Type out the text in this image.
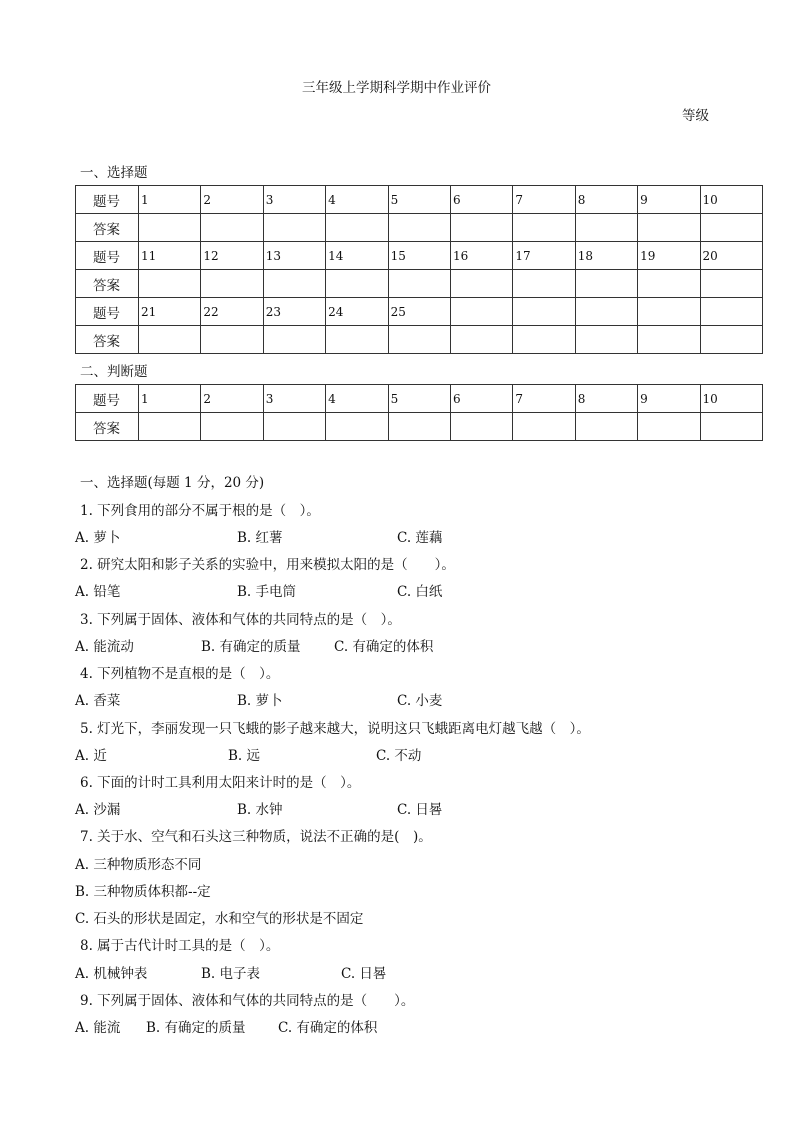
三年级上学期科学期中作业评价
等级
一、选择题
题号	1	2	3	4	5	6	7	8	9	10
答案										
题号	11	12	13	14	15	16	17	18	19	20
答案										
题号	21	22	23	24	25					
答案										
二、判断题
题号	1	2	3	4	5	6	7	8	9	10
答案										
一、选择题(每题 1 分，20 分)
1. 下列食用的部分不属于根的是（　）。
A. 萝卜	B. 红薯	C. 莲藕
2. 研究太阳和影子关系的实验中，用来模拟太阳的是（　　）。
A. 铅笔	B. 手电筒	C. 白纸
3. 下列属于固体、液体和气体的共同特点的是（　）。
A. 能流动	B. 有确定的质量 C. 有确定的体积
4. 下列植物不是直根的是（　）。
A. 香菜	B. 萝卜	C. 小麦
5. 灯光下，李丽发现一只飞蛾的影子越来越大，说明这只飞蛾距离电灯越飞越（　）。
A. 近	B. 远	C. 不动
6. 下面的计时工具利用太阳来计时的是（　）。
A. 沙漏	B. 水钟	C. 日晷
7. 关于水、空气和石头这三种物质，说法不正确的是(　)。
A. 三种物质形态不同
B. 三种物质体积都--定
C. 石头的形状是固定，水和空气的形状是不固定
8. 属于古代计时工具的是（　）。
A. 机械钟表	B. 电子表	C. 日晷
9. 下列属于固体、液体和气体的共同特点的是（　　）。
A. 能流 B. 有确定的质量 C. 有确定的体积
